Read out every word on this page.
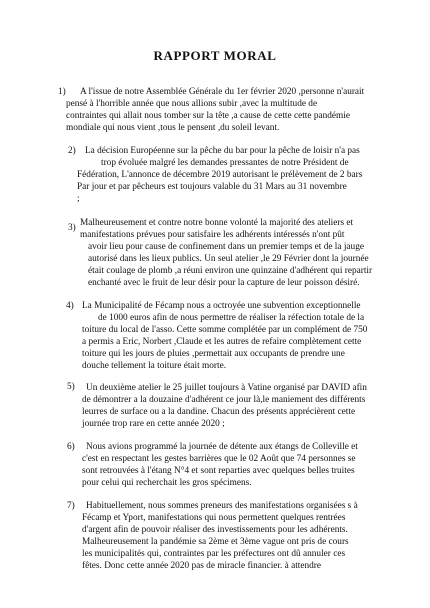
RAPPORT MORAL
1) A l'issue de notre Assemblée Générale du 1er février 2020 ,personne n'aurait
pensé à l'horrible année que nous allions subir ,avec la multitude de
contraintes qui allait nous tomber sur la tête ,a cause de cette cette pandémie
mondiale qui nous vient ,tous le pensent ,du soleil levant.
2) La décision Européenne sur la pêche du bar pour la pêche de loisir n'a pas
trop évoluée malgré les demandes pressantes de notre Président de
Fédération, L'annonce de décembre 2019 autorisant le prélèvement de 2 bars
Par jour et par pêcheurs est toujours valable du 31 Mars au 31 novembre
;
3) Malheureusement et contre notre bonne volonté la majorité des ateliers et
manifestations prévues pour satisfaire les adhérents intéressés n'ont pût
avoir lieu pour cause de confinement dans un premier temps et de la jauge
autorisé dans les lieux publics. Un seul atelier ,le 29 Février dont la journée
était coulage de plomb ,a réuni environ une quinzaine d'adhérent qui repartir
enchanté avec le fruit de leur désir pour la capture de leur poisson désiré.
4) La Municipalité de Fécamp nous a octroyée une subvention exceptionnelle
de 1000 euros afin de nous permettre de réaliser la réfection totale de la
toiture du local de l'asso. Cette somme complétée par un complément de 750
a permis a Eric, Norbert ,Claude et les autres de refaire complètement cette
toiture qui les jours de pluies ,permettait aux occupants de prendre une
douche tellement la toiture était morte.
5) Un deuxième atelier le 25 juillet toujours à Vatine organisé par DAVID afin
de démontrer a la douzaine d'adhérent ce jour là,le maniement des différents
leurres de surface ou a la dandine. Chacun des présents apprécièrent cette
journée trop rare en cette année 2020 ;
6) Nous avions programmé la journée de détente aux étangs de Colleville et
c'est en respectant les gestes barrières que le 02 Août que 74 personnes se
sont retrouvées à l'étang N°4 et sont reparties avec quelques belles truites
pour celui qui recherchait les gros spécimens.
7) Habituellement, nous sommes preneurs des manifestations organisées s à
Fécamp et Yport, manifestations qui nous permettent quelques rentrées
d'argent afin de pouvoir réaliser des investissements pour les adhérents.
Malheureusement la pandémie sa 2ème et 3ème vague ont pris de cours
les municipalités qui, contraintes par les préfectures ont dû annuler ces
fêtes. Donc cette année 2020 pas de miracle financier. à attendre
